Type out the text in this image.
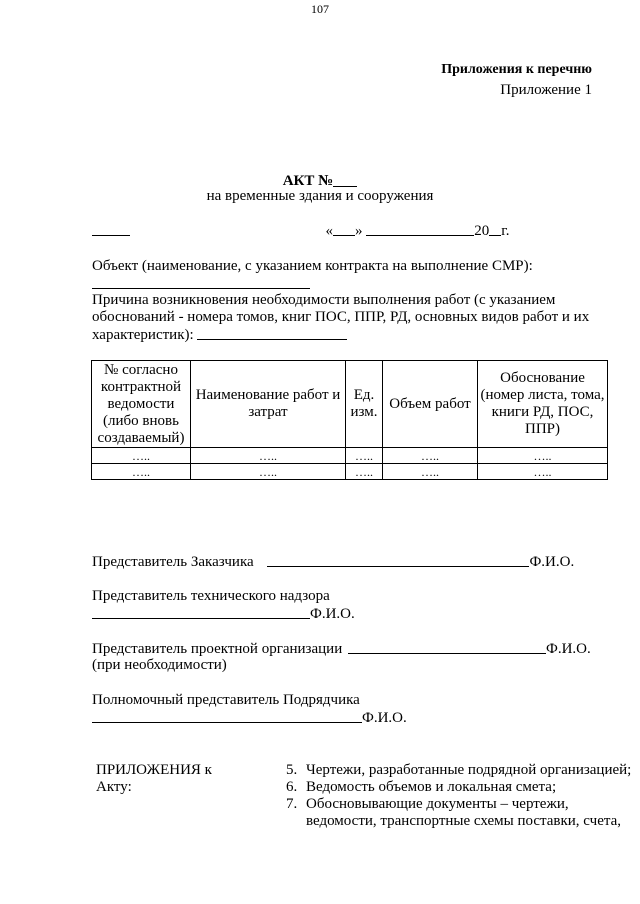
107
Приложения к перечню
Приложение 1
АКТ №
на временные здания и сооружения
« »	20 г.
Объект (наименование, с указанием контракта на выполнение СМР):
Причина возникновения необходимости выполнения работ (с указанием обоснований - номера томов, книг ПОС, ППР, РД, основных видов работ и их характеристик):
№ согласно контрактной ведомости (либо вновь создаваемый)	Наименование работ и затрат	Ед. изм.	Объем работ	Обоснование (номер листа, тома, книги РД, ПОС, ППР)
…..	…..	…..	…..	…..
…..	…..	…..	…..	…..
Представитель Заказчика	Ф.И.О.
Представитель технического надзора
Ф.И.О.
Представитель проектной организации	Ф.И.О.
(при необходимости)
Полномочный представитель Подрядчика
Ф.И.О.
ПРИЛОЖЕНИЯ к Акту:
5. Чертежи, разработанные подрядной организацией;
6. Ведомость объемов и локальная смета;
7. Обосновывающие документы – чертежи, ведомости, транспортные схемы поставки, счета,
